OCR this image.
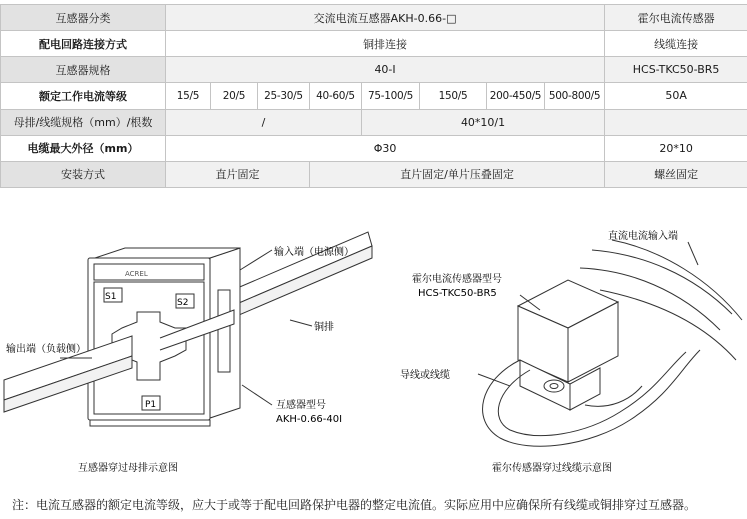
互感器分类	交流电流互感器AKH-0.66-□								霍尔电流传感器
配电回路连接方式	铜排连接								线缆连接
互感器规格	40-I								HCS-TKC50-BR5
额定工作电流等级	15/5	20/5	25-30/5	40-60/5	75-100/5	150/5	200-450/5	500-800/5	50A
母排/线缆规格（mm）/根数	/				40*10/1				
电缆最大外径（mm）	Φ30								20*10
安装方式	直片固定			直片固定/单片压叠固定					螺丝固定
ACREL
S1
S2
P1
输入端（电源侧）
铜排
输出端（负载侧）
互感器型号
AKH-0.66-40I
互感器穿过母排示意图
直流电流输入端
霍尔电流传感器型号
HCS-TKC50-BR5
导线或线缆
霍尔传感器穿过线缆示意图
注：电流互感器的额定电流等级，应大于或等于配电回路保护电器的整定电流值。实际应用中应确保所有线缆或铜排穿过互感器。
